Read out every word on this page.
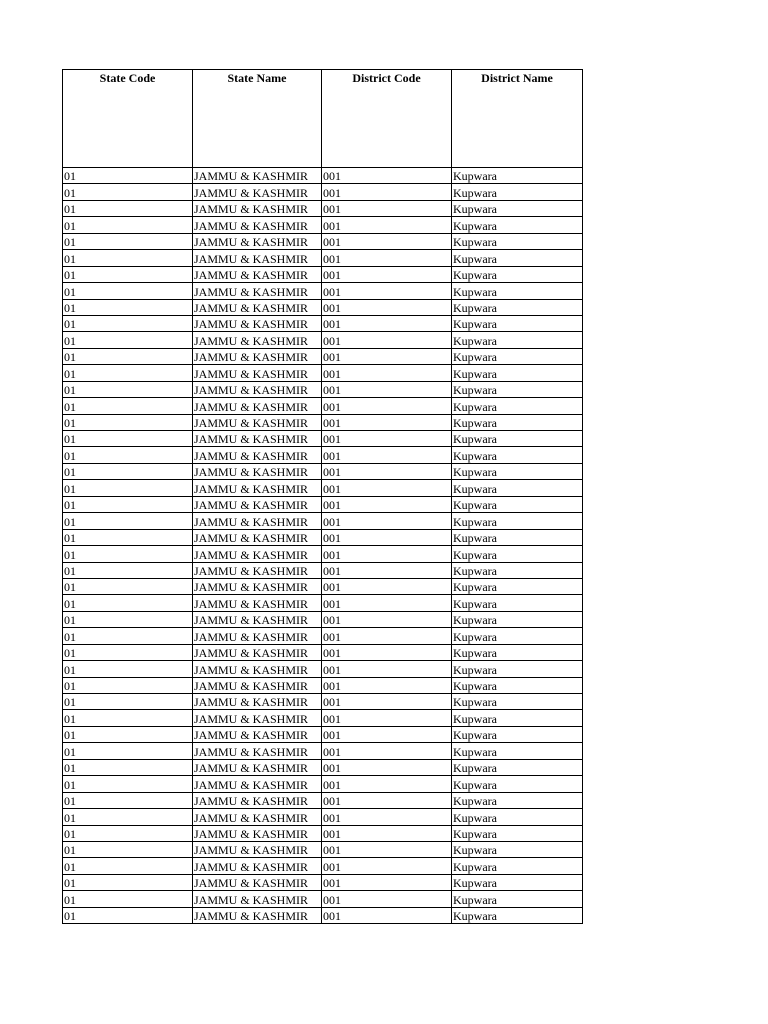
State Code	State Name	District Code	District Name
01	JAMMU & KASHMIR	001	Kupwara
01	JAMMU & KASHMIR	001	Kupwara
01	JAMMU & KASHMIR	001	Kupwara
01	JAMMU & KASHMIR	001	Kupwara
01	JAMMU & KASHMIR	001	Kupwara
01	JAMMU & KASHMIR	001	Kupwara
01	JAMMU & KASHMIR	001	Kupwara
01	JAMMU & KASHMIR	001	Kupwara
01	JAMMU & KASHMIR	001	Kupwara
01	JAMMU & KASHMIR	001	Kupwara
01	JAMMU & KASHMIR	001	Kupwara
01	JAMMU & KASHMIR	001	Kupwara
01	JAMMU & KASHMIR	001	Kupwara
01	JAMMU & KASHMIR	001	Kupwara
01	JAMMU & KASHMIR	001	Kupwara
01	JAMMU & KASHMIR	001	Kupwara
01	JAMMU & KASHMIR	001	Kupwara
01	JAMMU & KASHMIR	001	Kupwara
01	JAMMU & KASHMIR	001	Kupwara
01	JAMMU & KASHMIR	001	Kupwara
01	JAMMU & KASHMIR	001	Kupwara
01	JAMMU & KASHMIR	001	Kupwara
01	JAMMU & KASHMIR	001	Kupwara
01	JAMMU & KASHMIR	001	Kupwara
01	JAMMU & KASHMIR	001	Kupwara
01	JAMMU & KASHMIR	001	Kupwara
01	JAMMU & KASHMIR	001	Kupwara
01	JAMMU & KASHMIR	001	Kupwara
01	JAMMU & KASHMIR	001	Kupwara
01	JAMMU & KASHMIR	001	Kupwara
01	JAMMU & KASHMIR	001	Kupwara
01	JAMMU & KASHMIR	001	Kupwara
01	JAMMU & KASHMIR	001	Kupwara
01	JAMMU & KASHMIR	001	Kupwara
01	JAMMU & KASHMIR	001	Kupwara
01	JAMMU & KASHMIR	001	Kupwara
01	JAMMU & KASHMIR	001	Kupwara
01	JAMMU & KASHMIR	001	Kupwara
01	JAMMU & KASHMIR	001	Kupwara
01	JAMMU & KASHMIR	001	Kupwara
01	JAMMU & KASHMIR	001	Kupwara
01	JAMMU & KASHMIR	001	Kupwara
01	JAMMU & KASHMIR	001	Kupwara
01	JAMMU & KASHMIR	001	Kupwara
01	JAMMU & KASHMIR	001	Kupwara
01	JAMMU & KASHMIR	001	Kupwara
